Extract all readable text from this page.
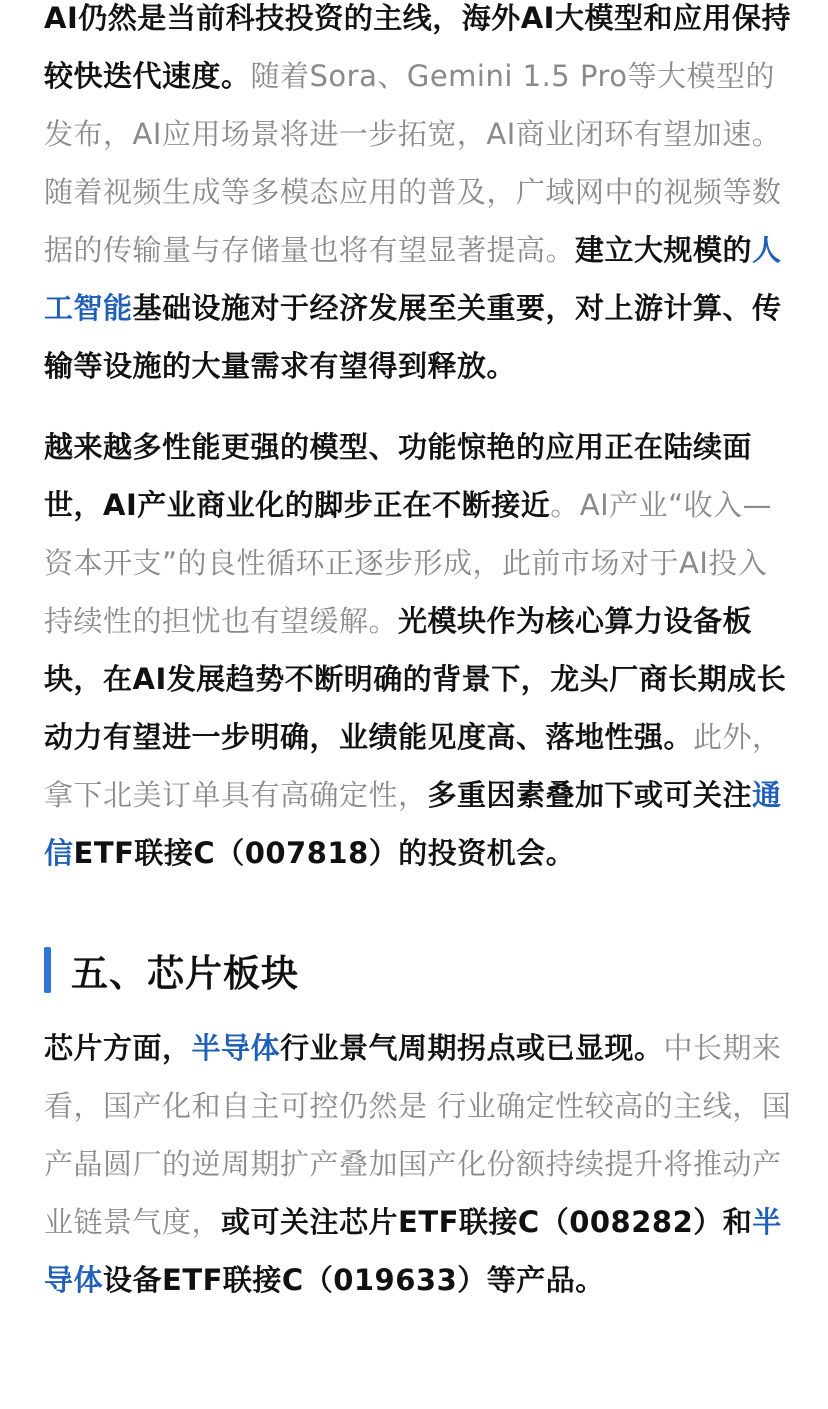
AI仍然是当前科技投资的主线，海外AI大模型和应用保持较快迭代速度。随着Sora、Gemini 1.5 Pro等大模型的发布，AI应用场景将进一步拓宽，AI商业闭环有望加速。随着视频生成等多模态应用的普及，广域网中的视频等数据的传输量与存储量也将有望显著提高。建立大规模的人工智能基础设施对于经济发展至关重要，对上游计算、传输等设施的大量需求有望得到释放。

越来越多性能更强的模型、功能惊艳的应用正在陆续面世，AI产业商业化的脚步正在不断接近。AI产业“收入—资本开支”的良性循环正逐步形成，此前市场对于AI投入持续性的担忧也有望缓解。光模块作为核心算力设备板块，在AI发展趋势不断明确的背景下，龙头厂商长期成长动力有望进一步明确，业绩能见度高、落地性强。此外，拿下北美订单具有高确定性，多重因素叠加下或可关注通信ETF联接C（007818）的投资机会。

五、芯片板块

芯片方面，半导体行业景气周期拐点或已显现。中长期来看，国产化和自主可控仍然是 行业确定性较高的主线，国产晶圆厂的逆周期扩产叠加国产化份额持续提升将推动产业链景气度，或可关注芯片ETF联接C（008282）和半导体设备ETF联接C（019633）等产品。
